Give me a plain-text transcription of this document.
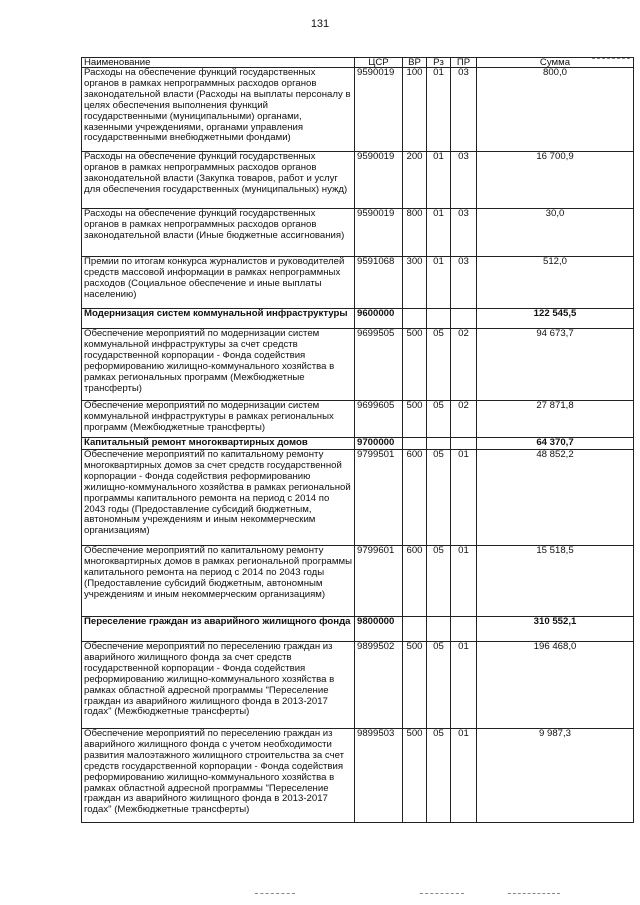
131
Наименование	ЦСР	ВР	Рз	ПР	Сумма
Расходы на обеспечение функций государственных органов в рамках непрограммных расходов органов законодательной власти (Расходы на выплаты персоналу в целях обеспечения выполнения функций государственными (муниципальными) органами, казенными учреждениями, органами управления государственными внебюджетными фондами)	9590019	100	01	03	800,0
Расходы на обеспечение функций государственных органов в рамках непрограммных расходов органов законодательной власти (Закупка товаров, работ и услуг для обеспечения государственных (муниципальных) нужд)	9590019	200	01	03	16 700,9
Расходы на обеспечение функций государственных органов в рамках непрограммных расходов органов законодательной власти (Иные бюджетные ассигнования)	9590019	800	01	03	30,0
Премии по итогам конкурса журналистов и руководителей средств массовой информации в рамках непрограммных расходов (Социальное обеспечение и иные выплаты населению)	9591068	300	01	03	512,0
Модернизация систем коммунальной инфраструктуры	9600000				122 545,5
Обеспечение мероприятий по модернизации систем коммунальной инфраструктуры за счет средств государственной корпорации - Фонда содействия реформированию жилищно-коммунального хозяйства в рамках региональных программ (Межбюджетные трансферты)	9699505	500	05	02	94 673,7
Обеспечение мероприятий по модернизации систем коммунальной инфраструктуры в рамках региональных программ (Межбюджетные трансферты)	9699605	500	05	02	27 871,8
Капитальный ремонт многоквартирных домов	9700000				64 370,7
Обеспечение мероприятий по капитальному ремонту многоквартирных домов за счет средств государственной корпорации - Фонда содействия реформированию жилищно-коммунального хозяйства в рамках региональной программы капитального ремонта на период с 2014 по 2043 годы (Предоставление субсидий бюджетным, автономным учреждениям и иным некоммерческим организациям)	9799501	600	05	01	48 852,2
Обеспечение мероприятий по капитальному ремонту многоквартирных домов в рамках региональной программы капитального ремонта на период с 2014 по 2043 годы (Предоставление субсидий бюджетным, автономным учреждениям и иным некоммерческим организациям)	9799601	600	05	01	15 518,5
Переселение граждан из аварийного жилищного фонда	9800000				310 552,1
Обеспечение мероприятий по переселению граждан из аварийного жилищного фонда за счет средств государственной корпорации - Фонда содействия реформированию жилищно-коммунального хозяйства в рамках областной адресной программы "Переселение граждан из аварийного жилищного фонда в 2013-2017 годах" (Межбюджетные трансферты)	9899502	500	05	01	196 468,0
Обеспечение мероприятий по переселению граждан из аварийного жилищного фонда с учетом необходимости развития малоэтажного жилищного строительства за счет средств государственной корпорации - Фонда содействия реформированию жилищно-коммунального хозяйства в рамках областной адресной программы "Переселение граждан из аварийного жилищного фонда в 2013-2017 годах" (Межбюджетные трансферты)	9899503	500	05	01	9 987,3
